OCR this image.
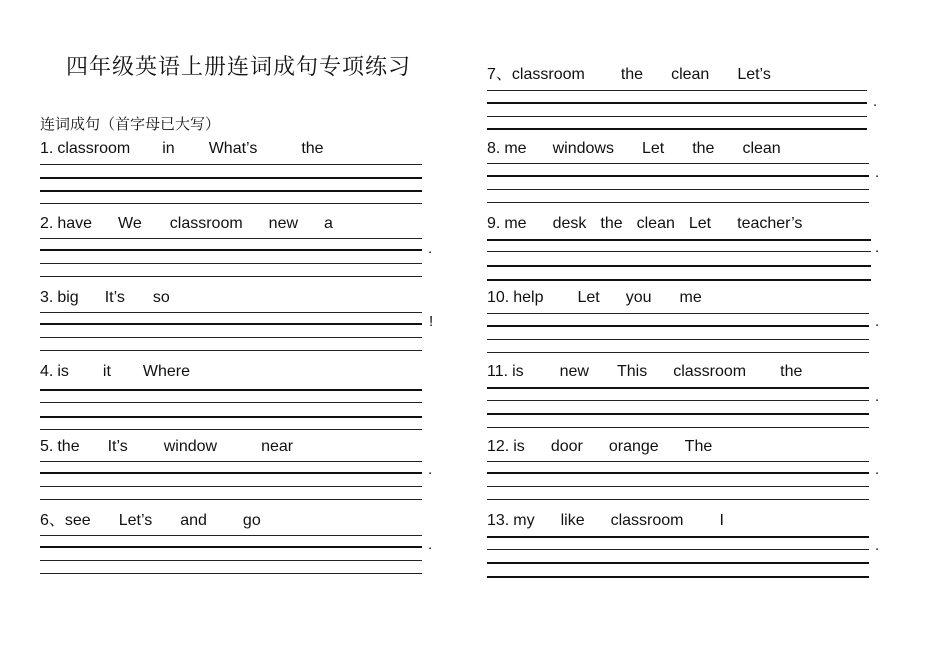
四年级英语上册连词成句专项练习
连词成句（首字母已大写）
1. classroom in What’s	the
2. have We classroom new a
.
3. big It’s so
!
4. is it Where
5. the It’s window	near
.
6、see Let’s and go
.
7、classroom the clean Let’s
.
8. me windows Let the clean
.
9. me desk the clean Let teacher’s
.
10. help Let you me
.
11. is new This classroom the
.
12. is door orange The
.
13. my like classroom I
.
